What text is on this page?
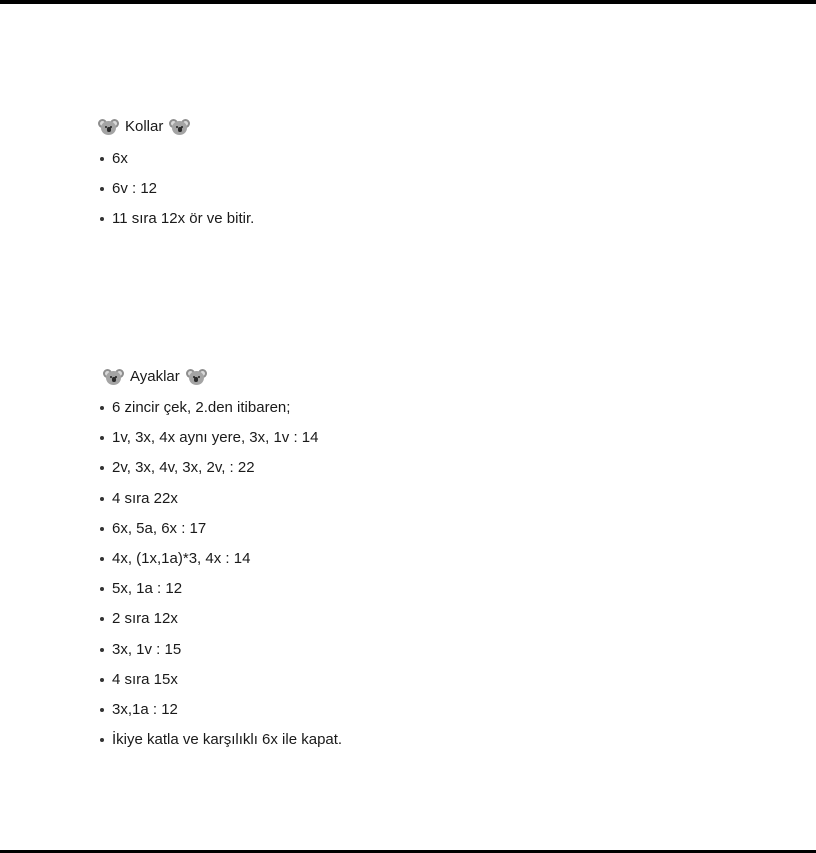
Kollar
6x
6v : 12
11 sıra 12x ör ve bitir.
Ayaklar
6 zincir çek, 2.den itibaren;
1v, 3x, 4x aynı yere, 3x, 1v : 14
2v, 3x, 4v, 3x, 2v, : 22
4 sıra 22x
6x, 5a, 6x : 17
4x, (1x,1a)*3, 4x : 14
5x, 1a : 12
2 sıra 12x
3x, 1v : 15
4 sıra 15x
3x,1a : 12
İkiye katla ve karşılıklı 6x ile kapat.
